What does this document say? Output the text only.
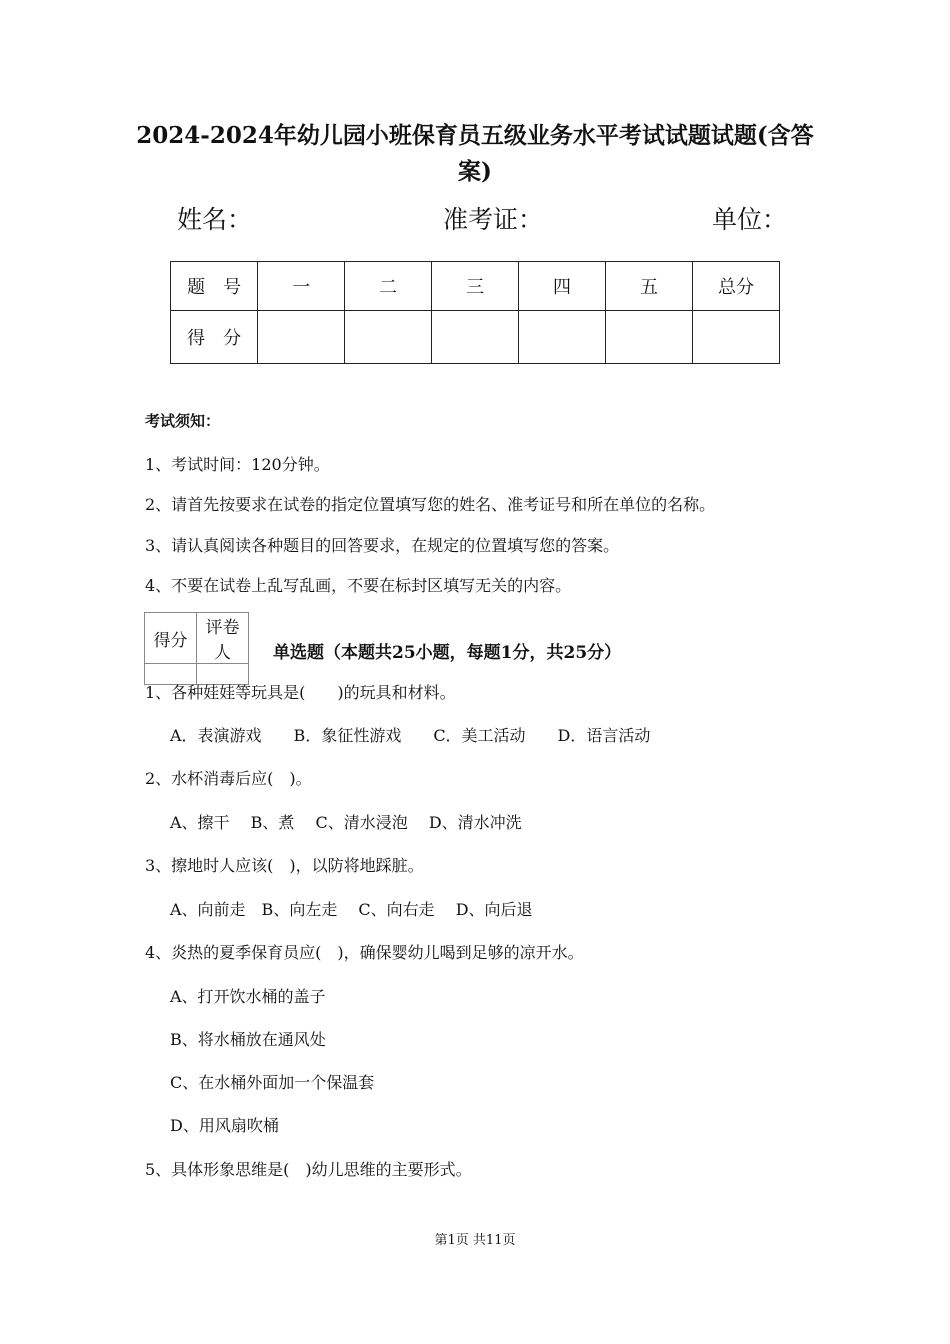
2024-2024年幼儿园小班保育员五级业务水平考试试题试题(含答案)
姓名：	准考证：	单位：
题　号	一	二	三	四	五	总分
得　分						
考试须知：
1、考试时间：120分钟。
2、请首先按要求在试卷的指定位置填写您的姓名、准考证号和所在单位的名称。
3、请认真阅读各种题目的回答要求，在规定的位置填写您的答案。
4、不要在试卷上乱写乱画，不要在标封区填写无关的内容。
得分	评卷人
	单选题（本题共25小题，每题1分，共25分）
1、各种娃娃等玩具是(　　)的玩具和材料。
A．表演游戏　　B．象征性游戏　　C．美工活动　　D．语言活动
2、水杯消毒后应(　)。
A、擦干　 B、煮　 C、清水浸泡　 D、清水冲洗
3、擦地时人应该(　)，以防将地踩脏。
A、向前走　B、向左走　 C、向右走　 D、向后退
4、炎热的夏季保育员应(　)，确保婴幼儿喝到足够的凉开水。
A、打开饮水桶的盖子
B、将水桶放在通风处
C、在水桶外面加一个保温套
D、用风扇吹桶
5、具体形象思维是(　)幼儿思维的主要形式。
第1页 共11页
